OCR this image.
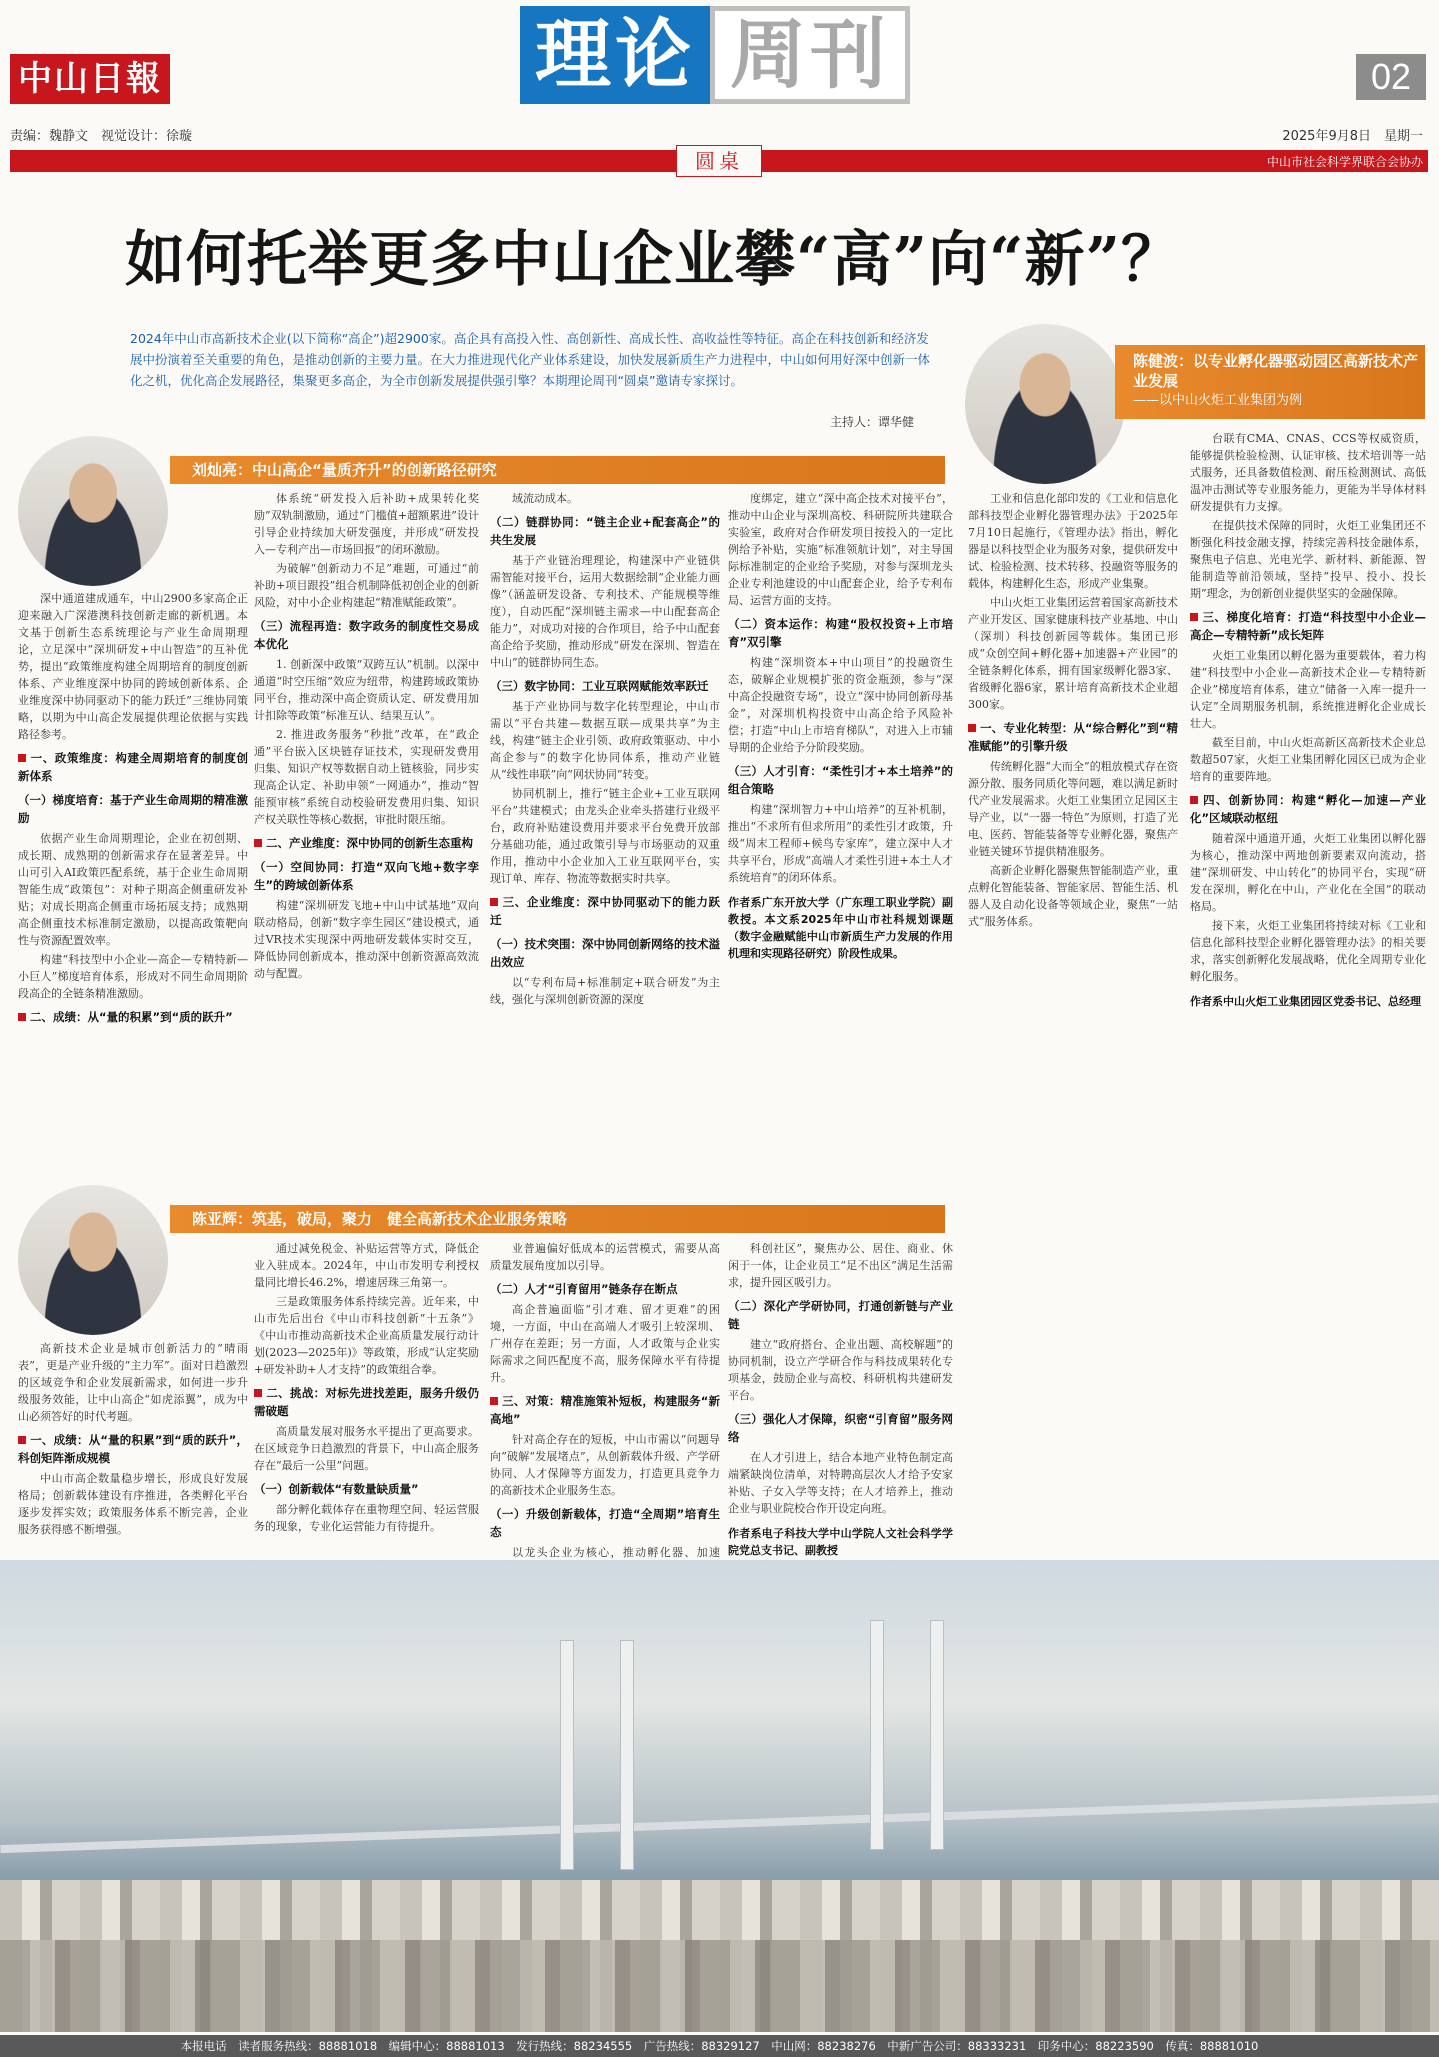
中山日報	理论 周刊	02
责编：魏静文　视觉设计：徐璇	2025年9月8日　星期一
圆桌	中山市社会科学界联合会协办
如何托举更多中山企业攀“高”向“新”？
2024年中山市高新技术企业(以下简称“高企”)超2900家。高企具有高投入性、高创新性、高成长性、高收益性等特征。高企在科技创新和经济发展中扮演着至关重要的角色，是推动创新的主要力量。在大力推进现代化产业体系建设，加快发展新质生产力进程中，中山如何用好深中创新一体化之机，优化高企发展路径，集聚更多高企，为全市创新发展提供强引擎？本期理论周刊“圆桌”邀请专家探讨。
主持人：谭华健
刘灿亮：中山高企“量质齐升”的创新路径研究
陈亚辉：筑基，破局，聚力　健全高新技术企业服务策略
陈健波：以专业孵化器驱动园区高新技术产业发展
——以中山火炬工业集团为例

深中通道建成通车，中山2900多家高企正迎来融入广深港澳科技创新走廊的新机遇。本文基于创新生态系统理论与产业生命周期理论，立足深中“深圳研发+中山智造”的互补优势，提出“政策维度构建全周期培育的制度创新体系、产业维度深中协同的跨域创新体系、企业维度深中协同驱动下的能力跃迁”三维协同策略，以期为中山高企发展提供理论依据与实践路径参考。

一、政策维度：构建全周期培育的制度创新体系
（一）梯度培育：基于产业生命周期的精准激励

依据产业生命周期理论，企业在初创期、成长期、成熟期的创新需求存在显著差异。中山可引入AI政策匹配系统，基于企业生命周期智能生成“政策包”：对种子期高企侧重研发补贴；对成长期高企侧重市场拓展支持；成熟期高企侧重技术标准制定激励，以提高政策靶向性与资源配置效率。

构建“科技型中小企业—高企—专精特新—小巨人”梯度培育体系，形成对不同生命周期阶段高企的全链条精准激励。

二、成绩：从“量的积累”到“质的跃升”

体系统“研发投入后补助+成果转化奖励”双轨制激励，通过“门槛值+超额累进”设计引导企业持续加大研发强度，并形成“研发投入—专利产出—市场回报”的闭环激励。

为破解“创新动力不足”难题，可通过“前补助+项目跟投”组合机制降低初创企业的创新风险，对中小企业构建起“精准赋能政策”。

（三）流程再造：数字政务的制度性交易成本优化

1. 创新深中政策“双跨互认”机制。以深中通道“时空压缩”效应为纽带，构建跨域政策协同平台，推动深中高企资质认定、研发费用加计扣除等政策“标准互认、结果互认”。

2. 推进政务服务“秒批”改革，在“政企通”平台嵌入区块链存证技术，实现研发费用归集、知识产权等数据自动上链核验，同步实现高企认定、补助申领“一网通办”，推动“智能预审核”系统自动校验研发费用归集、知识产权关联性等核心数据，审批时限压缩。

二、产业维度：深中协同的创新生态重构
（一）空间协同：打造“双向飞地+数字孪生”的跨域创新体系

构建“深圳研发飞地+中山中试基地”双向联动格局，创新“数字孪生园区”建设模式，通过VR技术实现深中两地研发载体实时交互，降低协同创新成本，推动深中创新资源高效流动与配置。

域流动成本。

（二）链群协同：“链主企业+配套高企”的共生发展

基于产业链治理理论，构建深中产业链供需智能对接平台，运用大数据绘制“企业能力画像”（涵盖研发设备、专利技术、产能规模等维度），自动匹配“深圳链主需求—中山配套高企能力”，对成功对接的合作项目，给予中山配套高企给予奖励，推动形成“研发在深圳、智造在中山”的链群协同生态。

（三）数字协同：工业互联网赋能效率跃迁

基于产业协同与数字化转型理论，中山市需以“平台共建—数据互联—成果共享”为主线，构建“链主企业引领、政府政策驱动、中小高企参与”的数字化协同体系，推动产业链从“线性串联”向“网状协同”转变。

协同机制上，推行“链主企业+工业互联网平台”共建模式；由龙头企业牵头搭建行业级平台，政府补贴建设费用并要求平台免费开放部分基础功能，通过政策引导与市场驱动的双重作用，推动中小企业加入工业互联网平台，实现订单、库存、物流等数据实时共享。

三、企业维度：深中协同驱动下的能力跃迁
（一）技术突围：深中协同创新网络的技术溢出效应

以“专利布局+标准制定+联合研发”为主线，强化与深圳创新资源的深度

度绑定，建立“深中高企技术对接平台”，推动中山企业与深圳高校、科研院所共建联合实验室，政府对合作研发项目按投入的一定比例给予补贴，实施“标准领航计划”，对主导国际标准制定的企业给予奖励，对参与深圳龙头企业专利池建设的中山配套企业，给予专利布局、运营方面的支持。

（二）资本运作：构建“股权投资+上市培育”双引擎

构建“深圳资本+中山项目”的投融资生态，破解企业规模扩张的资金瓶颈，参与“深中高企投融资专场”，设立“深中协同创新母基金”，对深圳机构投资中山高企给予风险补偿；打造“中山上市培育梯队”，对进入上市辅导期的企业给予分阶段奖励。

（三）人才引育：“柔性引才+本土培养”的组合策略

构建“深圳智力+中山培养”的互补机制，推出“不求所有但求所用”的柔性引才政策，升级“周末工程师+候鸟专家库”，建立深中人才共享平台，形成“高端人才柔性引进+本土人才系统培育”的闭环体系。

作者系广东开放大学（广东理工职业学院）副教授。本文系2025年中山市社科规划课题（数字金融赋能中山市新质生产力发展的作用机理和实现路径研究）阶段性成果。

高新技术企业是城市创新活力的“晴雨表”，更是产业升级的“主力军”。面对日趋激烈的区域竞争和企业发展新需求，如何进一步升级服务效能，让中山高企“如虎添翼”，成为中山必须答好的时代考题。

一、成绩：从“量的积累”到“质的跃升”，科创矩阵渐成规模

中山市高企数量稳步增长，形成良好发展格局；创新载体建设有序推进，各类孵化平台逐步发挥实效；政策服务体系不断完善，企业服务获得感不断增强。

通过减免税金、补贴运营等方式，降低企业入驻成本。2024年，中山市发明专利授权量同比增长46.2%，增速居珠三角第一。

三是政策服务体系持续完善。近年来，中山市先后出台《中山市科技创新“十五条”》《中山市推动高新技术企业高质量发展行动计划(2023—2025年)》等政策，形成“认定奖励+研发补助+人才支持”的政策组合拳。

二、挑战：对标先进找差距，服务升级仍需破题

高质量发展对服务水平提出了更高要求。在区域竞争日趋激烈的背景下，中山高企服务存在“最后一公里”问题。

（一）创新载体“有数量缺质量”

部分孵化载体存在重物理空间、轻运营服务的现象，专业化运营能力有待提升。

业普遍偏好低成本的运营模式，需要从高质量发展角度加以引导。

（二）人才“引育留用”链条存在断点

高企普遍面临“引才难、留才更难”的困境，一方面，中山在高端人才吸引上较深圳、广州存在差距；另一方面，人才政策与企业实际需求之间匹配度不高，服务保障水平有待提升。

三、对策：精准施策补短板，构建服务“新高地”

针对高企存在的短板，中山市需以“问题导向”破解“发展堵点”，从创新载体升级、产学研协同、人才保障等方面发力，打造更具竞争力的高新技术企业服务生态。

（一）升级创新载体，打造“全周期”培育生态

以龙头企业为核心，推动孵化器、加速

科创社区”，聚焦办公、居住、商业、休闲于一体，让企业员工“足不出区”满足生活需求，提升园区吸引力。

（二）深化产学研协同，打通创新链与产业链

建立“政府搭台、企业出题、高校解题”的协同机制，设立产学研合作与科技成果转化专项基金，鼓励企业与高校、科研机构共建研发平台。

（三）强化人才保障，织密“引育留”服务网络

在人才引进上，结合本地产业特色制定高端紧缺岗位清单，对特聘高层次人才给予安家补贴、子女入学等支持；在人才培养上，推动企业与职业院校合作开设定向班。

作者系电子科技大学中山学院人文社会科学学院党总支书记、副教授

工业和信息化部印发的《工业和信息化部科技型企业孵化器管理办法》于2025年7月10日起施行，《管理办法》指出，孵化器是以科技型企业为服务对象，提供研发中试、检验检测、技术转移、投融资等服务的载体，构建孵化生态，形成产业集聚。

中山火炬工业集团运营着国家高新技术产业开发区、国家健康科技产业基地、中山（深圳）科技创新园等载体。集团已形成“众创空间+孵化器+加速器+产业园”的全链条孵化体系，拥有国家级孵化器3家、省级孵化器6家，累计培育高新技术企业超300家。

一、专业化转型：从“综合孵化”到“精准赋能”的引擎升级

传统孵化器“大而全”的粗放模式存在资源分散、服务同质化等问题，难以满足新时代产业发展需求。火炬工业集团立足园区主导产业，以“一器一特色”为原则，打造了光电、医药、智能装备等专业孵化器，聚焦产业链关键环节提供精准服务。

高新企业孵化器聚焦智能制造产业，重点孵化智能装备、智能家居、智能生活、机器人及自动化设备等领域企业，聚焦“一站式”服务体系。

台联有CMA、CNAS、CCS等权威资质，能够提供检验检测、认证审核、技术培训等一站式服务，还具备数值检测、耐压检测测试、高低温冲击测试等专业服务能力，更能为半导体材料研发提供有力支撑。

在提供技术保障的同时，火炬工业集团还不断强化科技金融支撑，持续完善科技金融体系，聚焦电子信息、光电光学、新材料、新能源、智能制造等前沿领域，坚持“投早、投小、投长期”理念，为创新创业提供坚实的金融保障。

三、梯度化培育：打造“科技型中小企业—高企—专精特新”成长矩阵

火炬工业集团以孵化器为重要载体，着力构建“科技型中小企业—高新技术企业—专精特新企业”梯度培育体系，建立“储备一入库一提升一认定”全周期服务机制，系统推进孵化企业成长壮大。

截至目前，中山火炬高新区高新技术企业总数超507家，火炬工业集团孵化园区已成为企业培育的重要阵地。

四、创新协同：构建“孵化—加速—产业化”区域联动枢纽

随着深中通道开通，火炬工业集团以孵化器为核心，推动深中两地创新要素双向流动，搭建“深圳研发、中山转化”的协同平台，实现“研发在深圳，孵化在中山，产业化在全国”的联动格局。

接下来，火炬工业集团将持续对标《工业和信息化部科技型企业孵化器管理办法》的相关要求，落实创新孵化发展战略，优化全周期专业化孵化服务。

作者系中山火炬工业集团园区党委书记、总经理

本报电话　读者服务热线：88881018　编辑中心：88881013　发行热线：88234555　广告热线：88329127　中山网：88238276　中新广告公司：88333231　印务中心：88223590　传真：88881010
